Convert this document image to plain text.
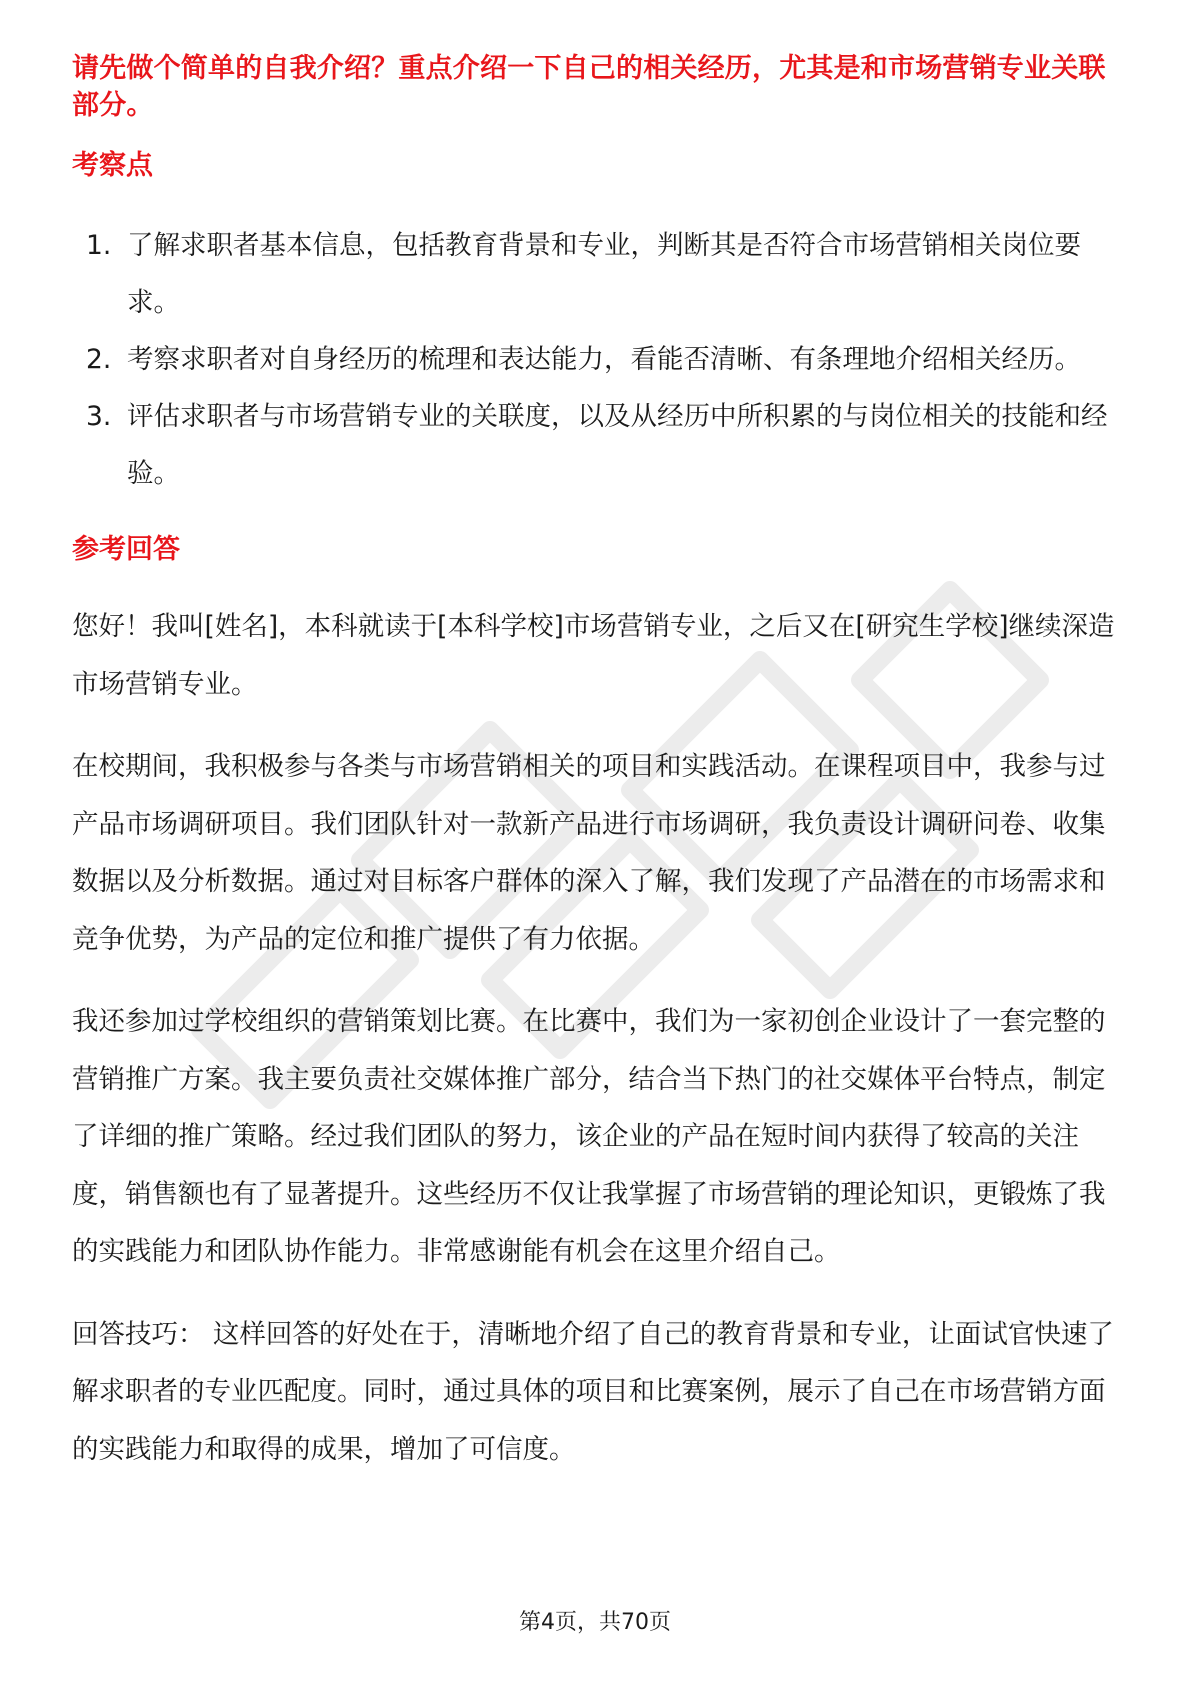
请先做个简单的自我介绍？重点介绍一下自己的相关经历，尤其是和市场营销专业关联部分。

考察点
1. 了解求职者基本信息，包括教育背景和专业，判断其是否符合市场营销相关岗位要求。
2. 考察求职者对自身经历的梳理和表达能力，看能否清晰、有条理地介绍相关经历。
3. 评估求职者与市场营销专业的关联度，以及从经历中所积累的与岗位相关的技能和经验。
参考回答

您好！我叫[姓名]，本科就读于[本科学校]市场营销专业，之后又在[研究生学校]继续深造市场营销专业。

在校期间，我积极参与各类与市场营销相关的项目和实践活动。在课程项目中，我参与过产品市场调研项目。我们团队针对一款新产品进行市场调研，我负责设计调研问卷、收集数据以及分析数据。通过对目标客户群体的深入了解，我们发现了产品潜在的市场需求和竞争优势，为产品的定位和推广提供了有力依据。

我还参加过学校组织的营销策划比赛。在比赛中，我们为一家初创企业设计了一套完整的营销推广方案。我主要负责社交媒体推广部分，结合当下热门的社交媒体平台特点，制定了详细的推广策略。经过我们团队的努力，该企业的产品在短时间内获得了较高的关注度，销售额也有了显著提升。这些经历不仅让我掌握了市场营销的理论知识，更锻炼了我的实践能力和团队协作能力。非常感谢能有机会在这里介绍自己。

回答技巧： 这样回答的好处在于，清晰地介绍了自己的教育背景和专业，让面试官快速了解求职者的专业匹配度。同时，通过具体的项目和比赛案例，展示了自己在市场营销方面的实践能力和取得的成果，增加了可信度。

第4页，共70页
